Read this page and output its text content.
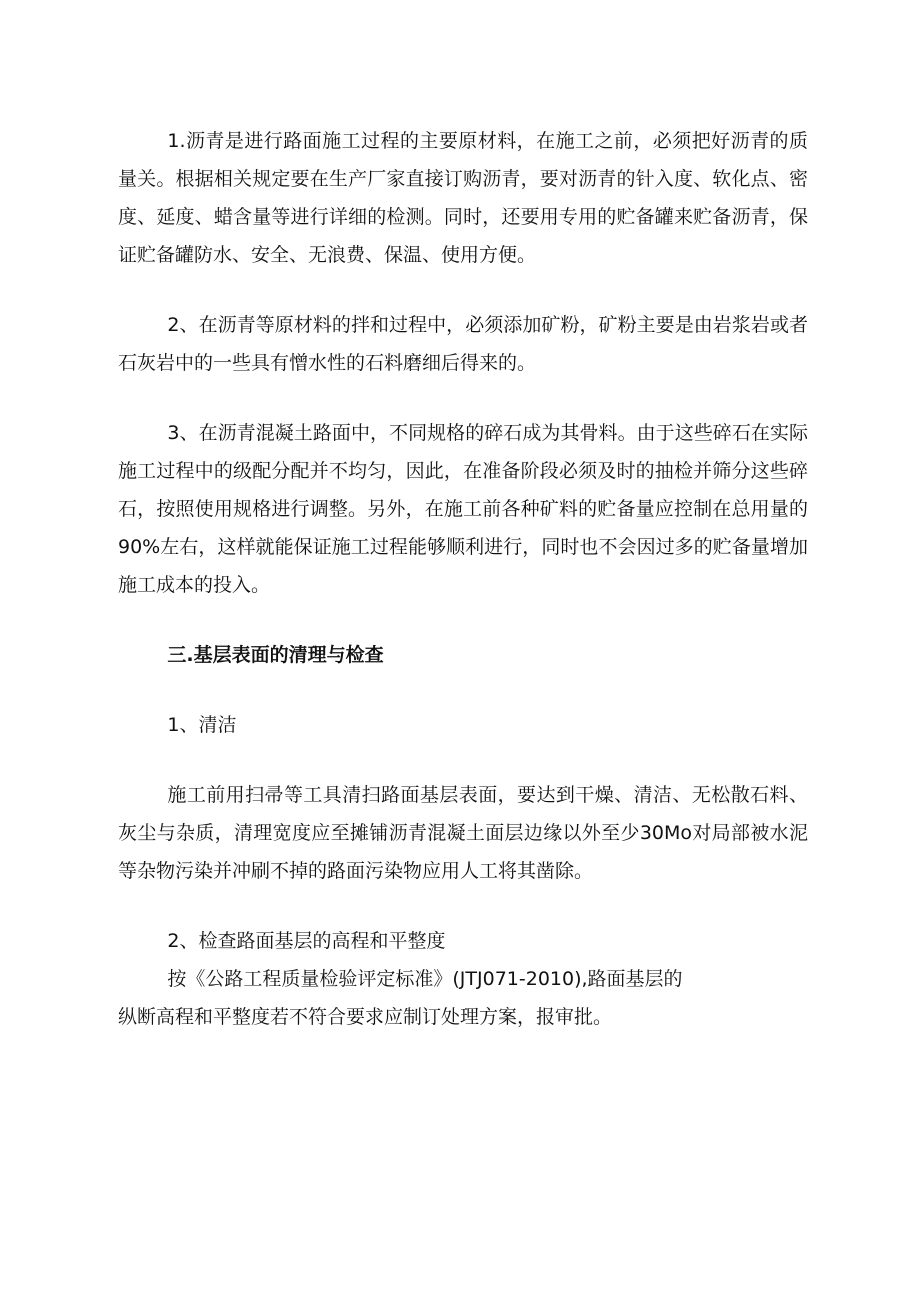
1.沥青是进行路面施工过程的主要原材料，在施工之前，必须把好沥青的质量关。根据相关规定要在生产厂家直接订购沥青，要对沥青的针入度、软化点、密度、延度、蜡含量等进行详细的检测。同时，还要用专用的贮备罐来贮备沥青，保证贮备罐防水、安全、无浪费、保温、使用方便。

2、在沥青等原材料的拌和过程中，必须添加矿粉，矿粉主要是由岩浆岩或者石灰岩中的一些具有憎水性的石料磨细后得来的。

3、在沥青混凝土路面中，不同规格的碎石成为其骨料。由于这些碎石在实际施工过程中的级配分配并不均匀，因此，在准备阶段必须及时的抽检并筛分这些碎石，按照使用规格进行调整。另外，在施工前各种矿料的贮备量应控制在总用量的90%左右，这样就能保证施工过程能够顺利进行，同时也不会因过多的贮备量增加施工成本的投入。

三.基层表面的清理与检查

1、清洁

施工前用扫帚等工具清扫路面基层表面，要达到干燥、清洁、无松散石料、灰尘与杂质，清理宽度应至摊铺沥青混凝土面层边缘以外至少30Mo对局部被水泥等杂物污染并冲刷不掉的路面污染物应用人工将其凿除。

2、检查路面基层的高程和平整度

按《公路工程质量检验评定标准》(JTJ071-2010),路面基层的
纵断高程和平整度若不符合要求应制订处理方案，报审批。
